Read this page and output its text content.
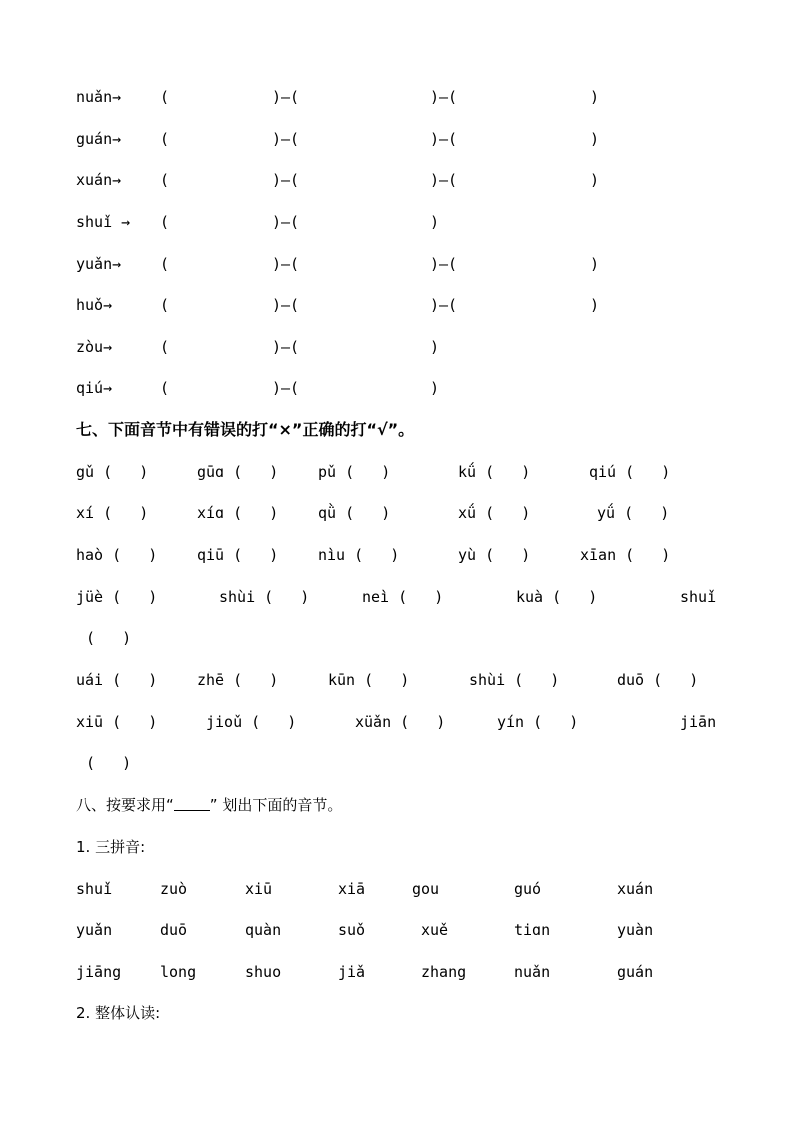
nuǎn→	(	)—(	)—(	)
guán→	(	)—(	)—(	)
xuán→	(	)—(	)—(	)
shuǐ → (	)—(	)
yuǎn→	(	)—(	)—(	)
huǒ→	(	)—(	)—(	)
zòu→	(	)—(	)
qiú→	(	)—(	)
七、下面音节中有错误的打“×”正确的打“√”。
gǔ (   )	gūɑ (   )	pǔ (   )	kǘ (   )	qiú (   )
xí (   )	xíɑ (   )	qǜ (   )	xǘ (   )	yǘ (   )
haò (   )	qiū (   )	nìu (   )	yù (   )	xīan (   )
jüè (   )	shùi (   )	neì (   )	kuà (   )	shuǐ
(   )
uái (   )	zhē (   )	kūn (   )	shùi (   )	duō (   )
xiū (   )	jioǔ (   )	xüǎn (   )	yín (   )	jiān
(   )
八、按要求用“ ” 划出下面的音节。
1. 三拼音:
shuǐ	zuò	xiū	xiā	gou	guó	xuán
yuǎn	duō	quàn	suǒ	xuě	tiɑn	yuàn
jiāng	long	shuo	jiǎ	zhang	nuǎn	guán
2. 整体认读:
